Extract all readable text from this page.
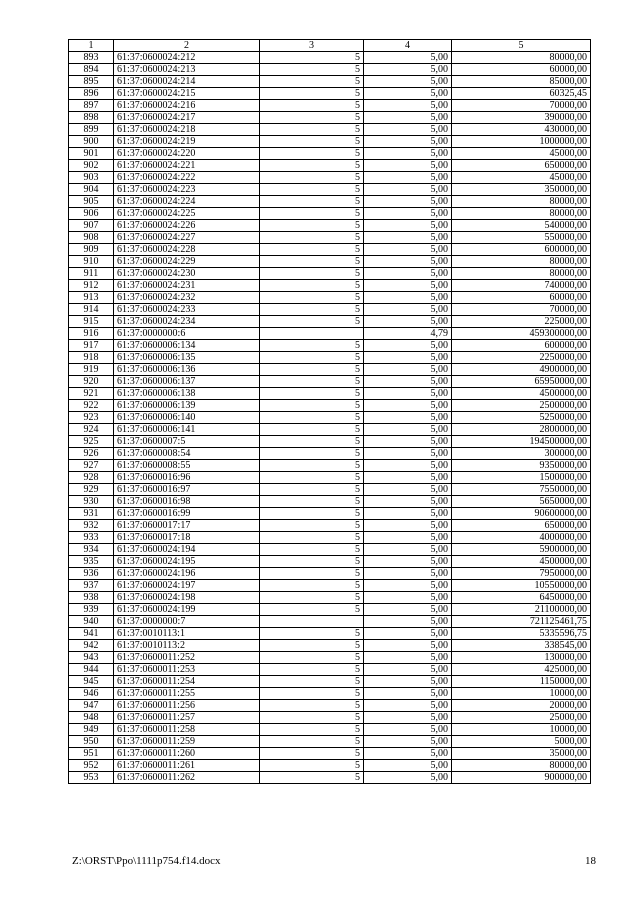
1	2	3	4	5
893	61:37:0600024:212	5	5,00	80000,00
894	61:37:0600024:213	5	5,00	60000,00
895	61:37:0600024:214	5	5,00	85000,00
896	61:37:0600024:215	5	5,00	60325,45
897	61:37:0600024:216	5	5,00	70000,00
898	61:37:0600024:217	5	5,00	390000,00
899	61:37:0600024:218	5	5,00	430000,00
900	61:37:0600024:219	5	5,00	1000000,00
901	61:37:0600024:220	5	5,00	45000,00
902	61:37:0600024:221	5	5,00	650000,00
903	61:37:0600024:222	5	5,00	45000,00
904	61:37:0600024:223	5	5,00	350000,00
905	61:37:0600024:224	5	5,00	80000,00
906	61:37:0600024:225	5	5,00	80000,00
907	61:37:0600024:226	5	5,00	540000,00
908	61:37:0600024:227	5	5,00	550000,00
909	61:37:0600024:228	5	5,00	600000,00
910	61:37:0600024:229	5	5,00	80000,00
911	61:37:0600024:230	5	5,00	80000,00
912	61:37:0600024:231	5	5,00	740000,00
913	61:37:0600024:232	5	5,00	60000,00
914	61:37:0600024:233	5	5,00	70000,00
915	61:37:0600024:234	5	5,00	225000,00
916	61:37:0000000:6		4,79	459300000,00
917	61:37:0600006:134	5	5,00	600000,00
918	61:37:0600006:135	5	5,00	2250000,00
919	61:37:0600006:136	5	5,00	4900000,00
920	61:37:0600006:137	5	5,00	65950000,00
921	61:37:0600006:138	5	5,00	4500000,00
922	61:37:0600006:139	5	5,00	2500000,00
923	61:37:0600006:140	5	5,00	5250000,00
924	61:37:0600006:141	5	5,00	2800000,00
925	61:37:0600007:5	5	5,00	194500000,00
926	61:37:0600008:54	5	5,00	300000,00
927	61:37:0600008:55	5	5,00	9350000,00
928	61:37:0600016:96	5	5,00	1500000,00
929	61:37:0600016:97	5	5,00	7550000,00
930	61:37:0600016:98	5	5,00	5650000,00
931	61:37:0600016:99	5	5,00	90600000,00
932	61:37:0600017:17	5	5,00	650000,00
933	61:37:0600017:18	5	5,00	4000000,00
934	61:37:0600024:194	5	5,00	5900000,00
935	61:37:0600024:195	5	5,00	4500000,00
936	61:37:0600024:196	5	5,00	7950000,00
937	61:37:0600024:197	5	5,00	10550000,00
938	61:37:0600024:198	5	5,00	6450000,00
939	61:37:0600024:199	5	5,00	21100000,00
940	61:37:0000000:7		5,00	721125461,75
941	61:37:0010113:1	5	5,00	5335596,75
942	61:37:0010113:2	5	5,00	338545,00
943	61:37:0600011:252	5	5,00	130000,00
944	61:37:0600011:253	5	5,00	425000,00
945	61:37:0600011:254	5	5,00	1150000,00
946	61:37:0600011:255	5	5,00	10000,00
947	61:37:0600011:256	5	5,00	20000,00
948	61:37:0600011:257	5	5,00	25000,00
949	61:37:0600011:258	5	5,00	10000,00
950	61:37:0600011:259	5	5,00	5000,00
951	61:37:0600011:260	5	5,00	35000,00
952	61:37:0600011:261	5	5,00	80000,00
953	61:37:0600011:262	5	5,00	900000,00
Z:\ORST\Ppo\1111p754.f14.docx	18
